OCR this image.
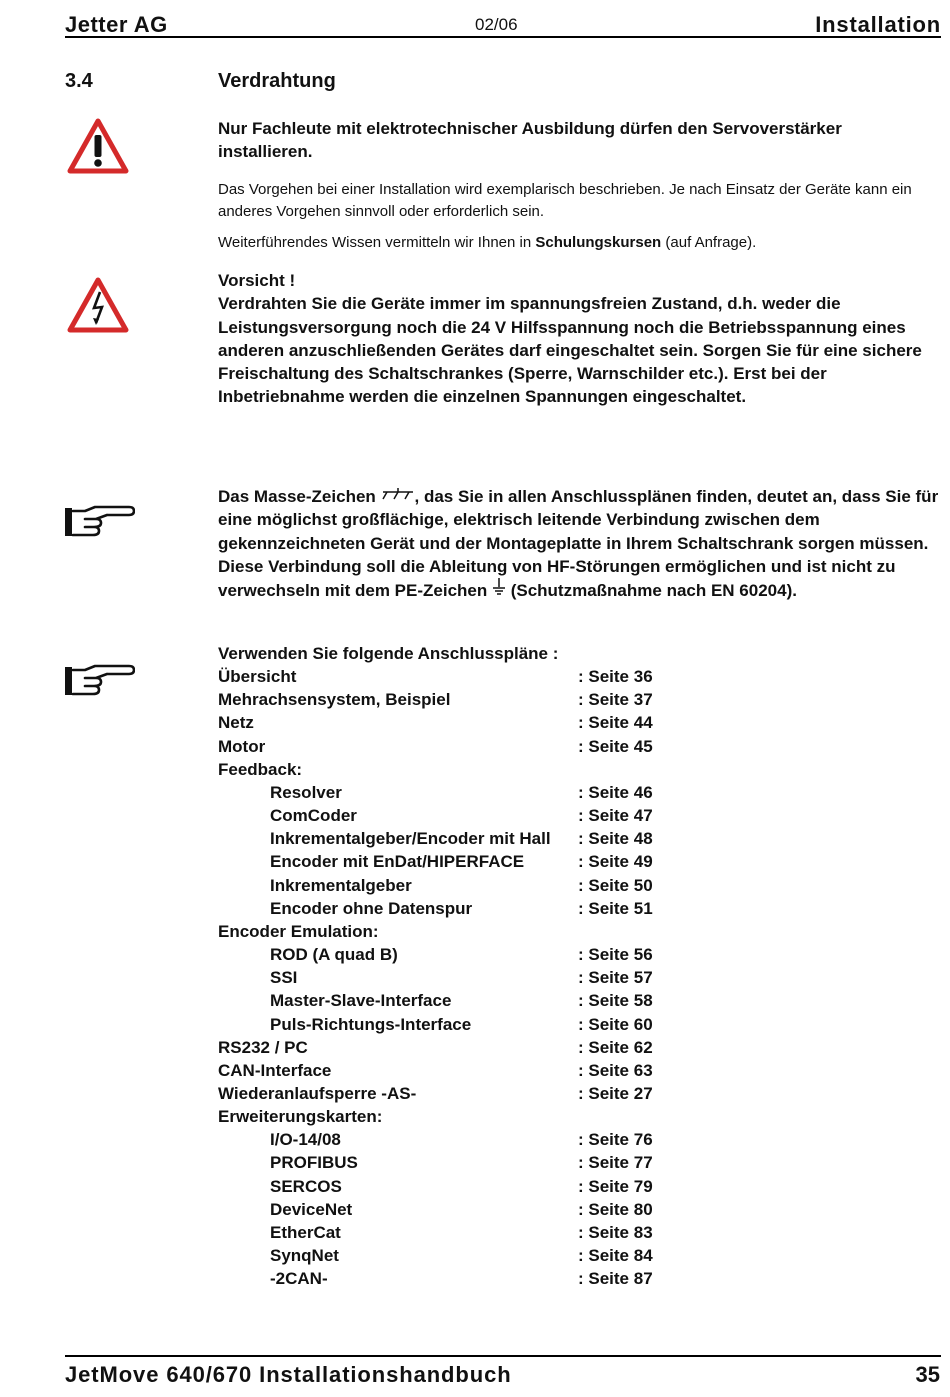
Jetter AG	02/06	Installation
3.4	Verdrahtung
Nur Fachleute mit elektrotechnischer Ausbildung dürfen den Servoverstärker installieren.
Das Vorgehen bei einer Installation wird exemplarisch beschrieben. Je nach Einsatz der Geräte kann ein anderes Vorgehen sinnvoll oder erforderlich sein.
Weiterführendes Wissen vermitteln wir Ihnen in Schulungskursen (auf Anfrage).
Vorsicht !
Verdrahten Sie die Geräte immer im spannungsfreien Zustand, d.h. weder die Leistungsversorgung noch die 24 V Hilfsspannung noch die Betriebsspannung eines anderen anzuschließenden Gerätes darf eingeschaltet sein. Sorgen Sie für eine sichere Freischaltung des Schaltschrankes (Sperre, Warnschilder etc.). Erst bei der Inbetriebnahme werden die einzelnen Spannungen eingeschaltet.
Das Masse-Zeichen , das Sie in allen Anschlussplänen finden, deutet an, dass Sie für eine möglichst großflächige, elektrisch leitende Verbindung zwischen dem gekennzeichneten Gerät und der Montageplatte in Ihrem Schaltschrank sorgen müssen. Diese Verbindung soll die Ableitung von HF-Störungen ermöglichen und ist nicht zu verwechseln mit dem PE-Zeichen  (Schutzmaßnahme nach EN 60204).
Verwenden Sie folgende Anschlusspläne :
Übersicht	: Seite 36
Mehrachsensystem, Beispiel	: Seite 37
Netz	: Seite 44
Motor	: Seite 45
Feedback:
Resolver	: Seite 46
ComCoder	: Seite 47
Inkrementalgeber/Encoder mit Hall : Seite 48
Encoder mit EnDat/HIPERFACE	: Seite 49
Inkrementalgeber	: Seite 50
Encoder ohne Datenspur	: Seite 51
Encoder Emulation:
ROD (A quad B)	: Seite 56
SSI	: Seite 57
Master-Slave-Interface	: Seite 58
Puls-Richtungs-Interface	: Seite 60
RS232 / PC	: Seite 62
CAN-Interface	: Seite 63
Wiederanlaufsperre -AS-	: Seite 27
Erweiterungskarten:
I/O-14/08	: Seite 76
PROFIBUS	: Seite 77
SERCOS	: Seite 79
DeviceNet	: Seite 80
EtherCat	: Seite 83
SynqNet	: Seite 84
-2CAN-	: Seite 87
JetMove 640/670 Installationshandbuch	35
